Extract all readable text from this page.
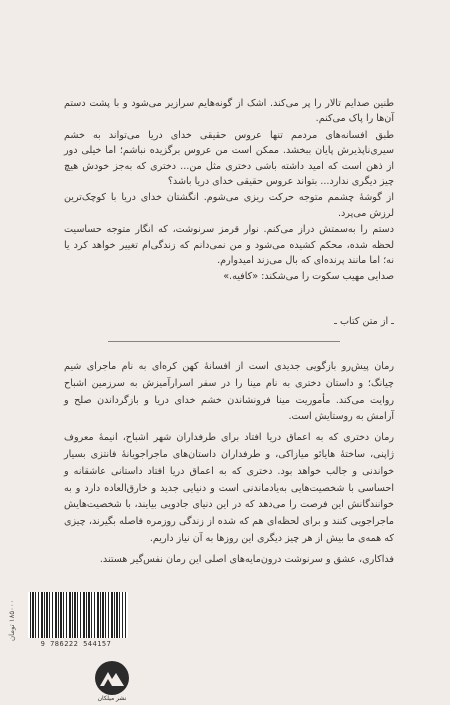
طنین صدایم تالار را پر می‌کند. اشک از گونه‌هایم سرازیر می‌شود و با پشت دستم آن‌ها را پاک می‌کنم.

طبق افسانه‌های مردمم تنها عروس حقیقی خدای دریا می‌تواند به خشم سیری‌ناپذیرش پایان ببخشد. ممکن است من عروس برگزیده نباشم؛ اما خیلی دور از ذهن است که امید داشته باشی دختری مثل من... دختری که به‌جز خودش هیچ چیز دیگری ندارد... بتواند عروس حقیقی خدای دریا باشد؟

از گوشهٔ چشمم متوجه حرکت ریزی می‌شوم. انگشتان خدای دریا با کوچک‌ترین لرزش می‌پرد.

دستم را به‌سمتش دراز می‌کنم. نوار قرمز سرنوشت، که انگار متوجه حساسیت لحظه شده، محکم کشیده می‌شود و من نمی‌دانم که زندگی‌ام تغییر خواهد کرد یا نه؛ اما مانند پرنده‌ای که بال می‌زند امیدوارم.

صدایی مهیب سکوت را می‌شکند: «کافیه.»

ـ از متن کتاب ـ

رمان پیش‌رو بازگویی جدیدی است از افسانهٔ کهن کره‌ای به نام ماجرای شیم چیانگ؛ و داستان دختری به نام مینا را در سفر اسرارآمیزش به سرزمین اشباح روایت می‌کند. مأموریت مینا فرونشاندن خشم خدای دریا و بازگرداندن صلح و آرامش به روستایش است.

رمان دختری که به اعماق دریا افتاد برای طرفداران شهر اشباح، انیمهٔ معروف ژاپنی، ساختهٔ هایائو میازاکی، و طرفداران داستان‌های ماجراجویانهٔ فانتزی بسیار خواندنی و جالب خواهد بود. دختری که به اعماق دریا افتاد داستانی عاشقانه و احساسی با شخصیت‌هایی به‌یادماندنی است و دنیایی جدید و خارق‌العاده دارد و به خوانندگانش این فرصت را می‌دهد که در این دنیای جادویی بیایند، با شخصیت‌هایش ماجراجویی کنند و برای لحظه‌ای هم که شده از زندگی روزمره فاصله بگیرند، چیزی که همه‌ی ما بیش از هر چیز دیگری این روزها به آن نیاز داریم.

فداکاری، عشق و سرنوشت درون‌مایه‌های اصلی این رمان نفس‌گیر هستند.

۱۸۵۰۰۰ تومان
9 786222 544157
نشر میلکان
